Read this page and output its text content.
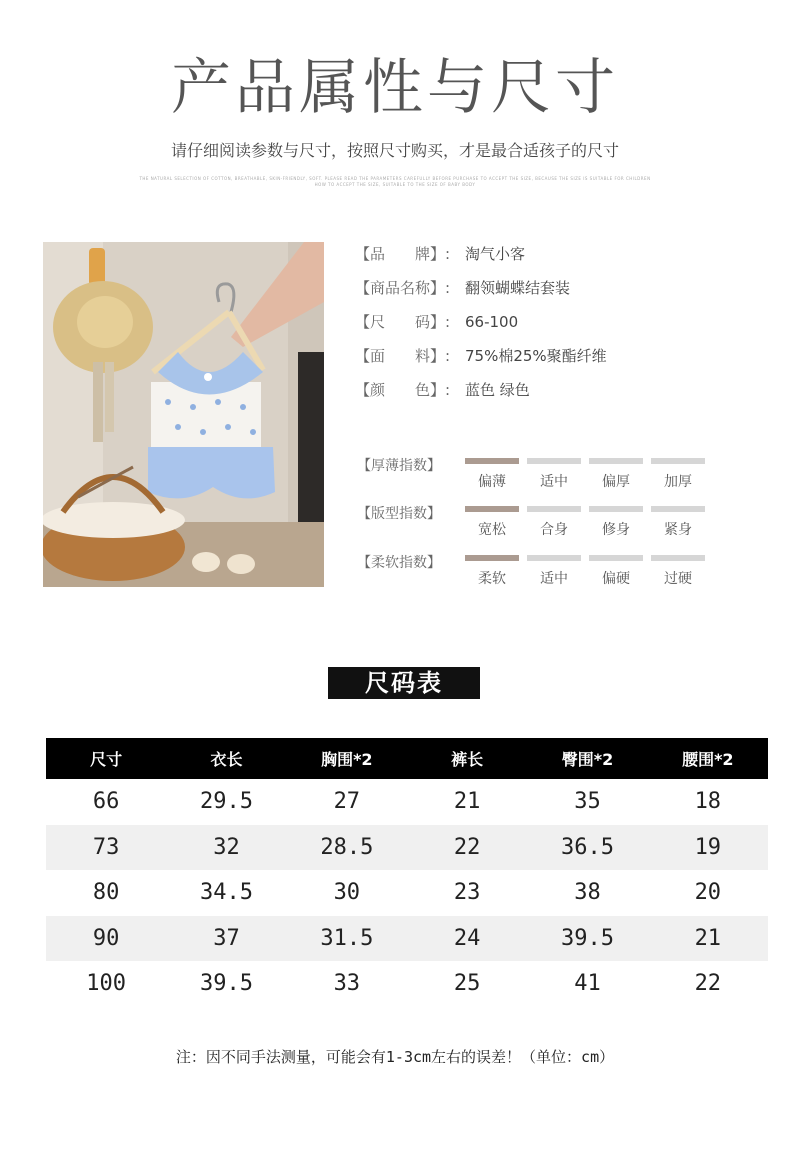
产品属性与尺寸
请仔细阅读参数与尺寸，按照尺寸购买，才是最合适孩子的尺寸
THE NATURAL SELECTION OF COTTON, BREATHABLE, SKIN-FRIENDLY, SOFT. PLEASE READ THE PARAMETERS CAREFULLY BEFORE PURCHASE TO ACCEPT THE SIZE, BECAUSE THE SIZE IS SUITABLE FOR CHILDREN
HOW TO ACCEPT THE SIZE, SUITABLE TO THE SIZE OF BABY BODY
【品　　牌】: 淘气小客
【商品名称】: 翻领蝴蝶结套装
【尺　　码】: 66-100
【面　　料】: 75%棉25%聚酯纤维
【颜　　色】: 蓝色 绿色
【厚薄指数】
偏薄	适中	偏厚	加厚
【版型指数】
宽松	合身	修身	紧身
【柔软指数】
柔软	适中	偏硬	过硬
尺码表
尺寸	衣长	胸围*2	裤长	臀围*2	腰围*2
66	29.5	27	21	35	18
73	32	28.5	22	36.5	19
80	34.5	30	23	38	20
90	37	31.5	24	39.5	21
100	39.5	33	25	41	22
注：因不同手法测量，可能会有1-3cm左右的误差！（单位：cm）
